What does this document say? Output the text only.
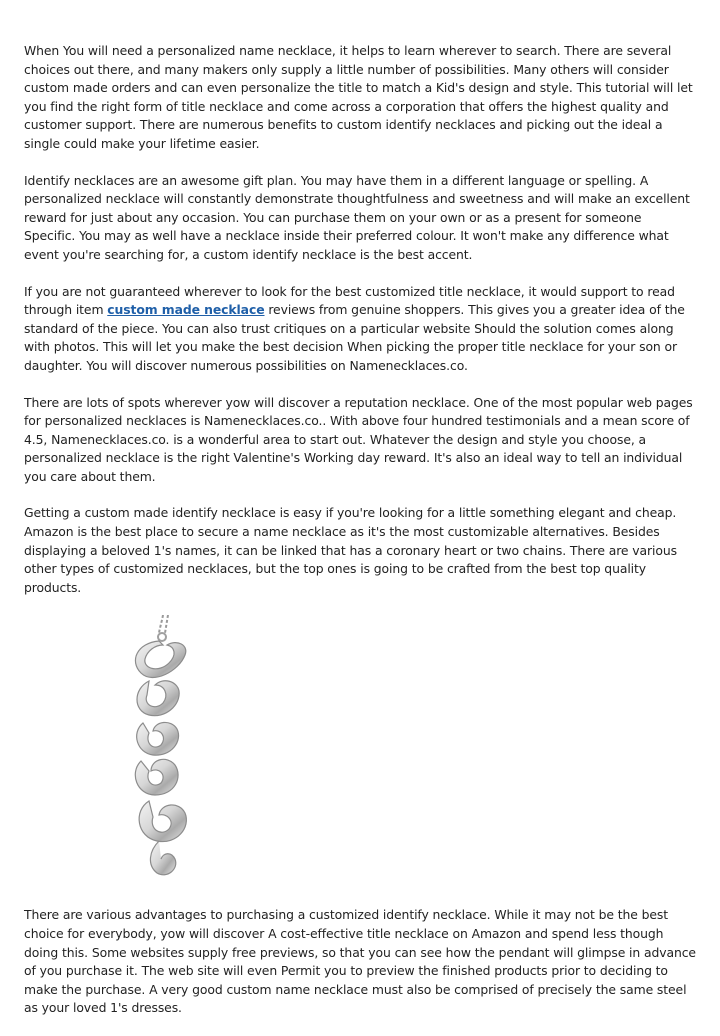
When You will need a personalized name necklace, it helps to learn wherever to search. There are several choices out there, and many makers only supply a little number of possibilities. Many others will consider custom made orders and can even personalize the title to match a Kid's design and style. This tutorial will let you find the right form of title necklace and come across a corporation that offers the highest quality and customer support. There are numerous benefits to custom identify necklaces and picking out the ideal a single could make your lifetime easier.

Identify necklaces are an awesome gift plan. You may have them in a different language or spelling. A personalized necklace will constantly demonstrate thoughtfulness and sweetness and will make an excellent reward for just about any occasion. You can purchase them on your own or as a present for someone Specific. You may as well have a necklace inside their preferred colour. It won't make any difference what event you're searching for, a custom identify necklace is the best accent.

If you are not guaranteed wherever to look for the best customized title necklace, it would support to read through item custom made necklace reviews from genuine shoppers. This gives you a greater idea of the standard of the piece. You can also trust critiques on a particular website Should the solution comes along with photos. This will let you make the best decision When picking the proper title necklace for your son or daughter. You will discover numerous possibilities on Namenecklaces.co.

There are lots of spots wherever yow will discover a reputation necklace. One of the most popular web pages for personalized necklaces is Namenecklaces.co.. With above four hundred testimonials and a mean score of 4.5, Namenecklaces.co. is a wonderful area to start out. Whatever the design and style you choose, a personalized necklace is the right Valentine's Working day reward. It's also an ideal way to tell an individual you care about them.

Getting a custom made identify necklace is easy if you're looking for a little something elegant and cheap. Amazon is the best place to secure a name necklace as it's the most customizable alternatives. Besides displaying a beloved 1's names, it can be linked that has a coronary heart or two chains. There are various other types of customized necklaces, but the top ones is going to be crafted from the best top quality products.

There are various advantages to purchasing a customized identify necklace. While it may not be the best choice for everybody, yow will discover A cost-effective title necklace on Amazon and spend less though doing this. Some websites supply free previews, so that you can see how the pendant will glimpse in advance of you purchase it. The web site will even Permit you to preview the finished products prior to deciding to make the purchase. A very good custom name necklace must also be comprised of precisely the same steel as your loved 1's dresses.
